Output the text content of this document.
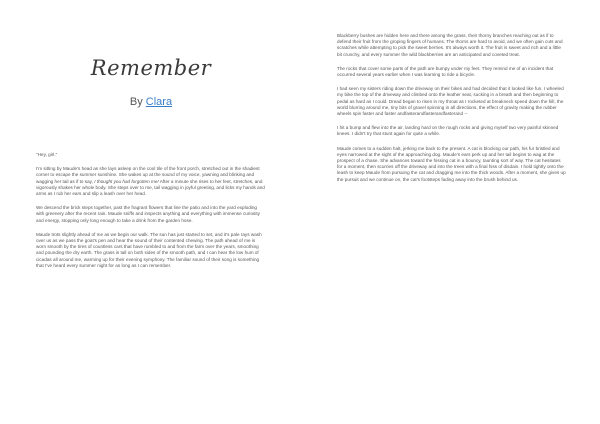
Remember
By Clara

"Hey, girl."

I'm sitting by Maude's head as she lays asleep on the cool tile of the front porch, stretched out in the shadiest corner to escape the summer sunshine. She wakes up at the sound of my voice, yawning and blinking and wagging her tail as if to say, I thought you had forgotten me! After a minute she rises to her feet, stretches, and vigorously shakes her whole body. She steps over to me, tail wagging in joyful greeting, and licks my hands and arms as I rub her ears and slip a leash over her head.

We descend the brick steps together, past the fragrant flowers that line the patio and into the yard exploding with greenery after the recent rain. Maude sniffs and inspects anything and everything with immense curiosity and energy, stopping only long enough to take a drink from the garden hose.

Maude trots slightly ahead of me as we begin our walk. The sun has just started to set, and it's pale rays wash over us as we pass the goat's pen and hear the sound of their contented chewing. The path ahead of me is worn smooth by the tires of countless cars that have rumbled to and from the farm over the years, smoothing and pounding the dry earth. The grass is tall on both sides of the smooth path, and I can hear the low hum of cicadas all around me, warming up for their evening symphony. The familiar sound of their song is something that I've heard every summer night for as long as I can remember.

Blackberry bushes are hidden here and there among the grass, their thorny branches reaching out as if to defend their fruit from the groping fingers of humans. The thorns are hard to avoid, and we often gain cuts and scratches while attempting to pick the sweet berries. It's always worth it. The fruit is sweet and rich and a little bit crunchy, and every summer the wild blackberries are an anticipated and coveted treat.

The rocks that cover some parts of the path are bumpy under my feet. They remind me of an incident that occurred several years earlier when I was learning to ride a bicycle.

I had seen my sisters riding down the driveway on their bikes and had decided that it looked like fun. I wheeled my bike the top of the driveway and climbed onto the leather seat, sucking in a breath and then beginning to pedal as hard as I could. Dread began to risen in my throat as I rocketed at breakneck speed down the hill, the world blurring around me, tiny bits of gravel spinning in all directions, the effect of gravity making the rubber wheels spin faster and faster andfasterandfasterandfasterand --

I hit a bump and flew into the air, landing hard on the rough rocks and giving myself two very painful skinned knees. I didn't try that stunt again for quite a while.

Maude comes to a sudden halt, jerking me back to the present. A cat is blocking our path, his fur bristled and eyes narrowed at the sight of the approaching dog. Maude's ears perk up and her tail begins to wag at the prospect of a chase. She advances toward the hissing cat in a bouncy, taunting sort of way. The cat hesitates for a moment, then scurries off the driveway and into the trees with a final hiss of disdain. I hold tightly onto the leash to keep Maude from pursuing the cat and dragging me into the thick woods. After a moment, she gives up the pursuit and we continue on, the cat's footsteps fading away into the brush behind us.
